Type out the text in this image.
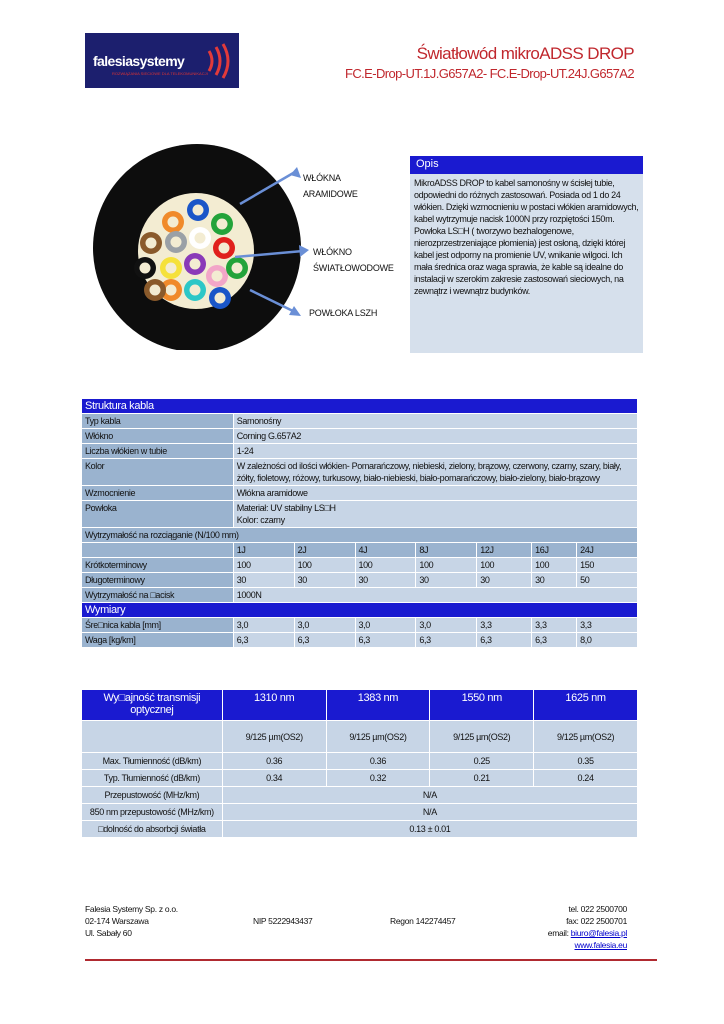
falesiasystemy
ROZWIĄZANIA SIECIOWE DLA TELEKOMUNIKACJI
Światłowód mikroADSS DROP
FC.E-Drop-UT.1J.G657A2- FC.E-Drop-UT.24J.G657A2
WŁÓKNA
ARAMIDOWE
WŁÓKNO
ŚWIATŁOWODOWE
POWŁOKA LSZH
Opis
MikroADSS DROP to kabel samonośny w ścisłej tubie, odpowiedni do różnych zastosowań. Posiada od 1 do 24 włókien. Dzięki wzmocnieniu w postaci włókien aramidowych, kabel wytrzymuje nacisk 1000N przy rozpiętości 150m. Powłoka LS□H ( tworzywo bezhalogenowe, nierozprzestrzeniające płomienia) jest osłoną, dzięki której kabel jest odporny na promienie UV, wnikanie wilgoci. Ich mała średnica oraz waga sprawia, że kable są idealne do instalacji w szerokim zakresie zastosowań sieciowych, na zewnątrz i wewnątrz budynków.
Struktura kabla							
Typ kabla	Samonośny						
Włókno	Corning G.657A2						
Liczba włókien w tubie	1-24						
Kolor	W zależności od ilości włókien- Pomarańczowy, niebieski, zielony, brązowy, czerwony, czarny, szary, biały, żółty, fioletowy, różowy, turkusowy, biało-niebieski, biało-pomarańczowy, biało-zielony, biało-brązowy						
Wzmocnienie	Włókna aramidowe						
Powłoka	Materiał: UV stabilny LS□H
Kolor: czarny						

Wytrzymałość na rozciąganie (N/100 mm)							
	1J	2J	4J	8J	12J	16J	24J
Krótkoterminowy	100	100	100	100	100	100	150
Długoterminowy	30	30	30	30	30	30	50
Wytrzymałość na □acisk	1000N						
Wymiary							
Śre□nica kabla [mm]	3,0	3,0	3,0	3,0	3,3	3,3	3,3
Waga [kg/km]	6,3	6,3	6,3	6,3	6,3	6,3	8,0
Wy□ajność transmisji optycznej	1310 nm	1383 nm	1550 nm	1625 nm
	9/125 µm(OS2)	9/125 µm(OS2)	9/125 µm(OS2)	9/125 µm(OS2)
Max. Tłumienność (dB/km)	0.36	0.36	0.25	0.35
Typ. Tłumienność (dB/km)	0.34	0.32	0.21	0.24
Przepustowość (MHz/km)	N/A			
850 nm przepustowość (MHz/km)	N/A			
□dolność do absorbcji światła	0.13 ± 0.01			
Falesia Systemy Sp. z o.o.
02-174 Warszawa
Ul. Sabały 60
NIP 5222943437	Regon 142274457
tel. 022 2500700
fax: 022 2500701
email: biuro@falesia.pl
www.falesia.eu
